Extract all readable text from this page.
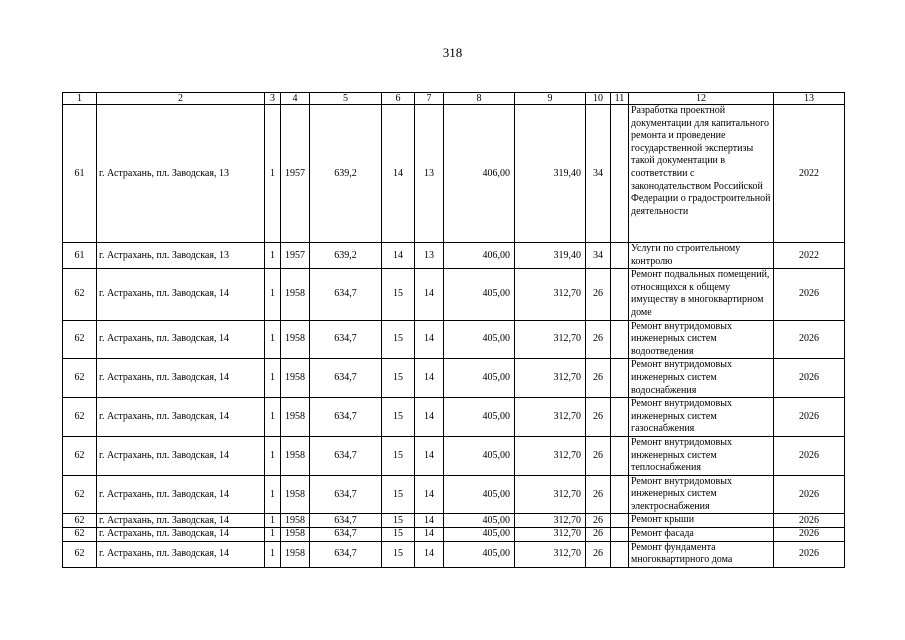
318
1	2	3	4	5	6	7	8	9	10	11	12	13
61	г. Астрахань, пл. Заводская, 13	1	1957	639,2	14	13	406,00	319,40	34		Разработка проектной документации для капитального ремонта и проведение государственной экспертизы такой документации в соответствии с законодательством Российской Федерации о градостроительной деятельности	2022
61	г. Астрахань, пл. Заводская, 13	1	1957	639,2	14	13	406,00	319,40	34		Услуги по строительному контролю	2022
62	г. Астрахань, пл. Заводская, 14	1	1958	634,7	15	14	405,00	312,70	26		Ремонт подвальных помещений, относящихся к общему имуществу в многоквартирном доме	2026
62	г. Астрахань, пл. Заводская, 14	1	1958	634,7	15	14	405,00	312,70	26		Ремонт внутридомовых инженерных систем водоотведения	2026
62	г. Астрахань, пл. Заводская, 14	1	1958	634,7	15	14	405,00	312,70	26		Ремонт внутридомовых инженерных систем водоснабжения	2026
62	г. Астрахань, пл. Заводская, 14	1	1958	634,7	15	14	405,00	312,70	26		Ремонт внутридомовых инженерных систем газоснабжения	2026
62	г. Астрахань, пл. Заводская, 14	1	1958	634,7	15	14	405,00	312,70	26		Ремонт внутридомовых инженерных систем теплоснабжения	2026
62	г. Астрахань, пл. Заводская, 14	1	1958	634,7	15	14	405,00	312,70	26		Ремонт внутридомовых инженерных систем электроснабжения	2026
62	г. Астрахань, пл. Заводская, 14	1	1958	634,7	15	14	405,00	312,70	26		Ремонт крыши	2026
62	г. Астрахань, пл. Заводская, 14	1	1958	634,7	15	14	405,00	312,70	26		Ремонт фасада	2026
62	г. Астрахань, пл. Заводская, 14	1	1958	634,7	15	14	405,00	312,70	26		Ремонт фундамента многоквартирного дома	2026
